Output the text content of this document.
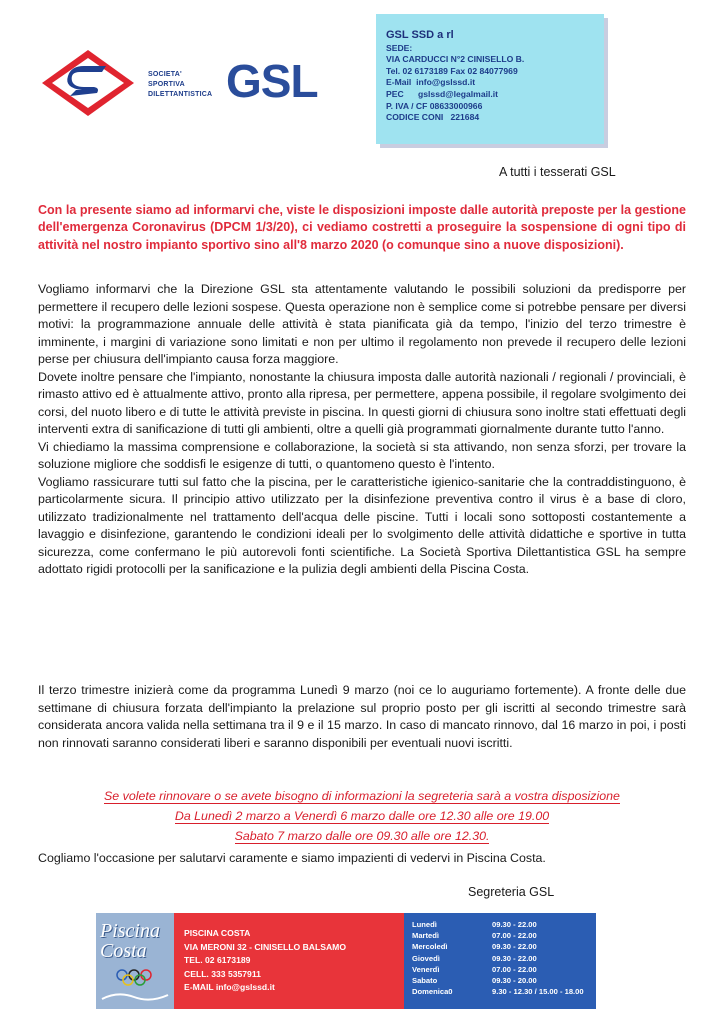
SOCIETA'
SPORTIVA
DILETTANTISTICA GSL
GSL SSD a rl
SEDE:
VIA CARDUCCI N°2 CINISELLO B.
Tel. 02 6173189 Fax 02 84077969
E-Mail  info@gslssd.it
PEC      gslssd@legalmail.it
P. IVA / CF 08633000966
CODICE CONI   221684
A tutti i tesserati GSL
Con la presente siamo ad informarvi che, viste le disposizioni imposte dalle autorità preposte per la gestione dell'emergenza Coronavirus (DPCM 1/3/20), ci vediamo costretti a proseguire la sospensione di ogni tipo di attività nel nostro impianto sportivo sino all'8 marzo 2020 (o comunque sino a nuove disposizioni).

Vogliamo informarvi che la Direzione GSL sta attentamente valutando le possibili soluzioni da predisporre per permettere il recupero delle lezioni sospese. Questa operazione non è semplice come si potrebbe pensare per diversi motivi: la programmazione annuale delle attività è stata pianificata già da tempo, l'inizio del terzo trimestre è imminente, i margini di variazione sono limitati e non per ultimo il regolamento non prevede il recupero delle lezioni perse per chiusura dell'impianto causa forza maggiore.

Dovete inoltre pensare che l'impianto, nonostante la chiusura imposta dalle autorità nazionali / regionali / provinciali, è rimasto attivo ed è attualmente attivo, pronto alla ripresa, per permettere, appena possibile, il regolare svolgimento dei corsi, del nuoto libero e di tutte le attività previste in piscina. In questi giorni di chiusura sono inoltre stati effettuati degli interventi extra di sanificazione di tutti gli ambienti, oltre a quelli già programmati giornalmente durante tutto l'anno.

Vi chiediamo la massima comprensione e collaborazione, la società si sta attivando, non senza sforzi, per trovare la soluzione migliore che soddisfi le esigenze di tutti, o quantomeno questo è l'intento.

Vogliamo rassicurare tutti sul fatto che la piscina, per le caratteristiche igienico-sanitarie che la contraddistinguono, è particolarmente sicura. Il principio attivo utilizzato per la disinfezione preventiva contro il virus è a base di cloro, utilizzato tradizionalmente nel trattamento dell'acqua delle piscine. Tutti i locali sono sottoposti costantemente a lavaggio e disinfezione, garantendo le condizioni ideali per lo svolgimento delle attività didattiche e sportive in tutta sicurezza, come confermano le più autorevoli fonti scientifiche. La Società Sportiva Dilettantistica GSL ha sempre adottato rigidi protocolli per la sanificazione e la pulizia degli ambienti della Piscina Costa.

Il terzo trimestre inizierà come da programma Lunedì 9 marzo (noi ce lo auguriamo fortemente). A fronte delle due settimane di chiusura forzata dell'impianto la prelazione sul proprio posto per gli iscritti al secondo trimestre sarà considerata ancora valida nella settimana tra il 9 e il 15 marzo. In caso di mancato rinnovo, dal 16 marzo in poi, i posti non rinnovati saranno considerati liberi e saranno disponibili per eventuali nuovi iscritti.

Se volete rinnovare o se avete bisogno di informazioni la segreteria sarà a vostra disposizione
Da Lunedì 2 marzo a Venerdì 6 marzo dalle ore 12.30 alle ore 19.00
Sabato 7 marzo dalle ore 09.30 alle ore 12.30.
Cogliamo l'occasione per salutarvi caramente e siamo impazienti di vedervi in Piscina Costa.
Segreteria GSL
Piscina Costa
PISCINA COSTA
VIA MERONI 32 - CINISELLO BALSAMO
TEL. 02 6173189
CELL. 333 5357911
E-MAIL info@gslssd.it
Lunedì	09.30 - 22.00
Martedì	07.00 - 22.00
Mercoledì	09.30 - 22.00
Giovedì	09.30 - 22.00
Venerdì	07.00 - 22.00
Sabato	09.30 - 20.00
Domenica0	9.30 - 12.30 / 15.00 - 18.00
